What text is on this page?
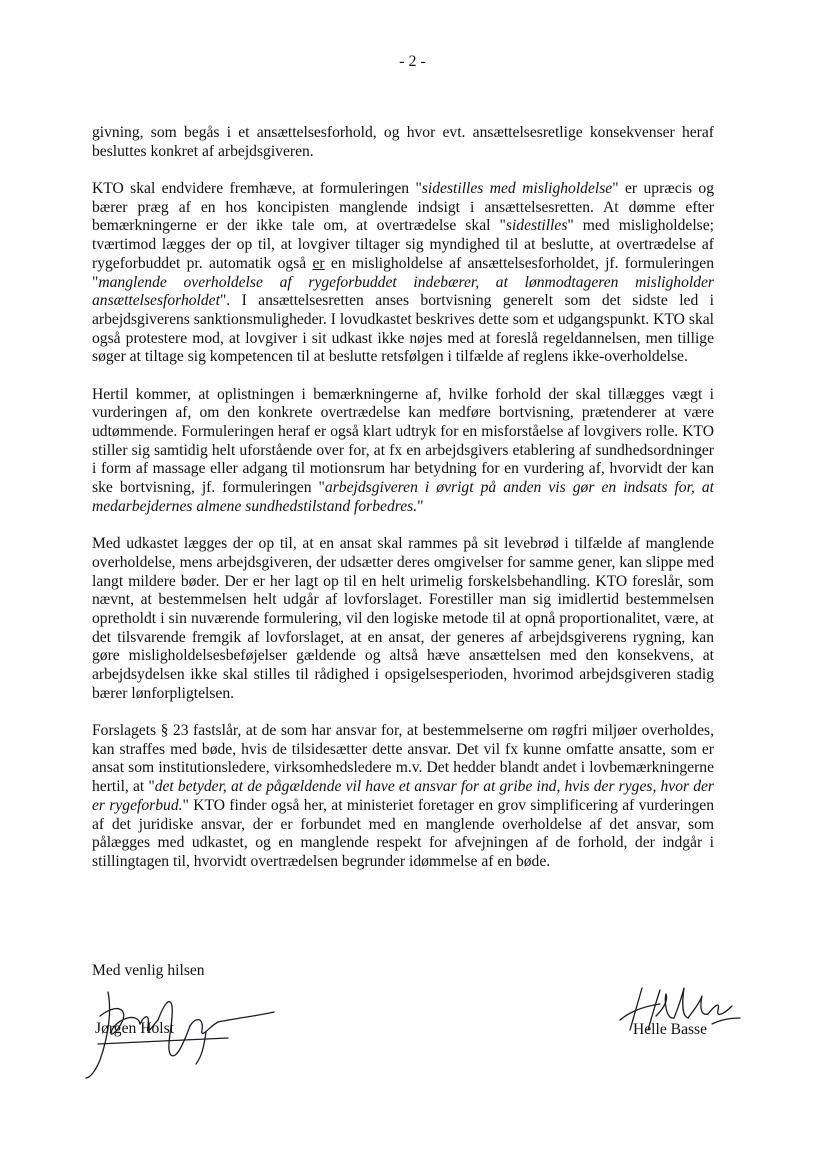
- 2 -

givning, som begås i et ansættelsesforhold, og hvor evt. ansættelsesretlige konsekvenser heraf besluttes konkret af arbejdsgiveren.

KTO skal endvidere fremhæve, at formuleringen "sidestilles med misligholdelse" er upræcis og bærer præg af en hos koncipisten manglende indsigt i ansættelsesretten. At dømme efter bemærkningerne er der ikke tale om, at overtrædelse skal "sidestilles" med misligholdelse; tværtimod lægges der op til, at lovgiver tiltager sig myndighed til at beslutte, at overtrædelse af rygeforbuddet pr. automatik også er en misligholdelse af ansættelsesforholdet, jf. formuleringen "manglende overholdelse af rygeforbuddet indebærer, at lønmodtageren misligholder ansættelsesforholdet". I ansættelsesretten anses bortvisning generelt som det sidste led i arbejdsgiverens sanktionsmuligheder. I lovudkastet beskrives dette som et udgangspunkt. KTO skal også protestere mod, at lovgiver i sit udkast ikke nøjes med at foreslå regeldannelsen, men tillige søger at tiltage sig kompetencen til at beslutte retsfølgen i tilfælde af reglens ikke-overholdelse.

Hertil kommer, at oplistningen i bemærkningerne af, hvilke forhold der skal tillægges vægt i vurderingen af, om den konkrete overtrædelse kan medføre bortvisning, prætenderer at være udtømmende. Formuleringen heraf er også klart udtryk for en misforståelse af lovgivers rolle. KTO stiller sig samtidig helt uforstående over for, at fx en arbejdsgivers etablering af sundhedsordninger i form af massage eller adgang til motionsrum har betydning for en vurdering af, hvorvidt der kan ske bortvisning, jf. formuleringen "arbejdsgiveren i øvrigt på anden vis gør en indsats for, at medarbejdernes almene sundhedstilstand forbedres."

Med udkastet lægges der op til, at en ansat skal rammes på sit levebrød i tilfælde af manglende overholdelse, mens arbejdsgiveren, der udsætter deres omgivelser for samme gener, kan slippe med langt mildere bøder. Der er her lagt op til en helt urimelig forskelsbehandling. KTO foreslår, som nævnt, at bestemmelsen helt udgår af lovforslaget. Forestiller man sig imidlertid bestemmelsen opretholdt i sin nuværende formulering, vil den logiske metode til at opnå proportionalitet, være, at det tilsvarende fremgik af lovforslaget, at en ansat, der generes af arbejdsgiverens rygning, kan gøre misligholdelsesbeføjelser gældende og altså hæve ansættelsen med den konsekvens, at arbejdsydelsen ikke skal stilles til rådighed i opsigelsesperioden, hvorimod arbejdsgiveren stadig bærer lønforpligtelsen.

Forslagets § 23 fastslår, at de som har ansvar for, at bestemmelserne om røgfri miljøer overholdes, kan straffes med bøde, hvis de tilsidesætter dette ansvar. Det vil fx kunne omfatte ansatte, som er ansat som institutionsledere, virksomhedsledere m.v. Det hedder blandt andet i lovbemærkningerne hertil, at "det betyder, at de pågældende vil have et ansvar for at gribe ind, hvis der ryges, hvor der er rygeforbud." KTO finder også her, at ministeriet foretager en grov simplificering af vurderingen af det juridiske ansvar, der er forbundet med en manglende overholdelse af det ansvar, som pålægges med udkastet, og en manglende respekt for afvejningen af de forhold, der indgår i stillingtagen til, hvorvidt overtrædelsen begrunder idømmelse af en bøde.

Med venlig hilsen
Jørgen Holst	Helle Basse
